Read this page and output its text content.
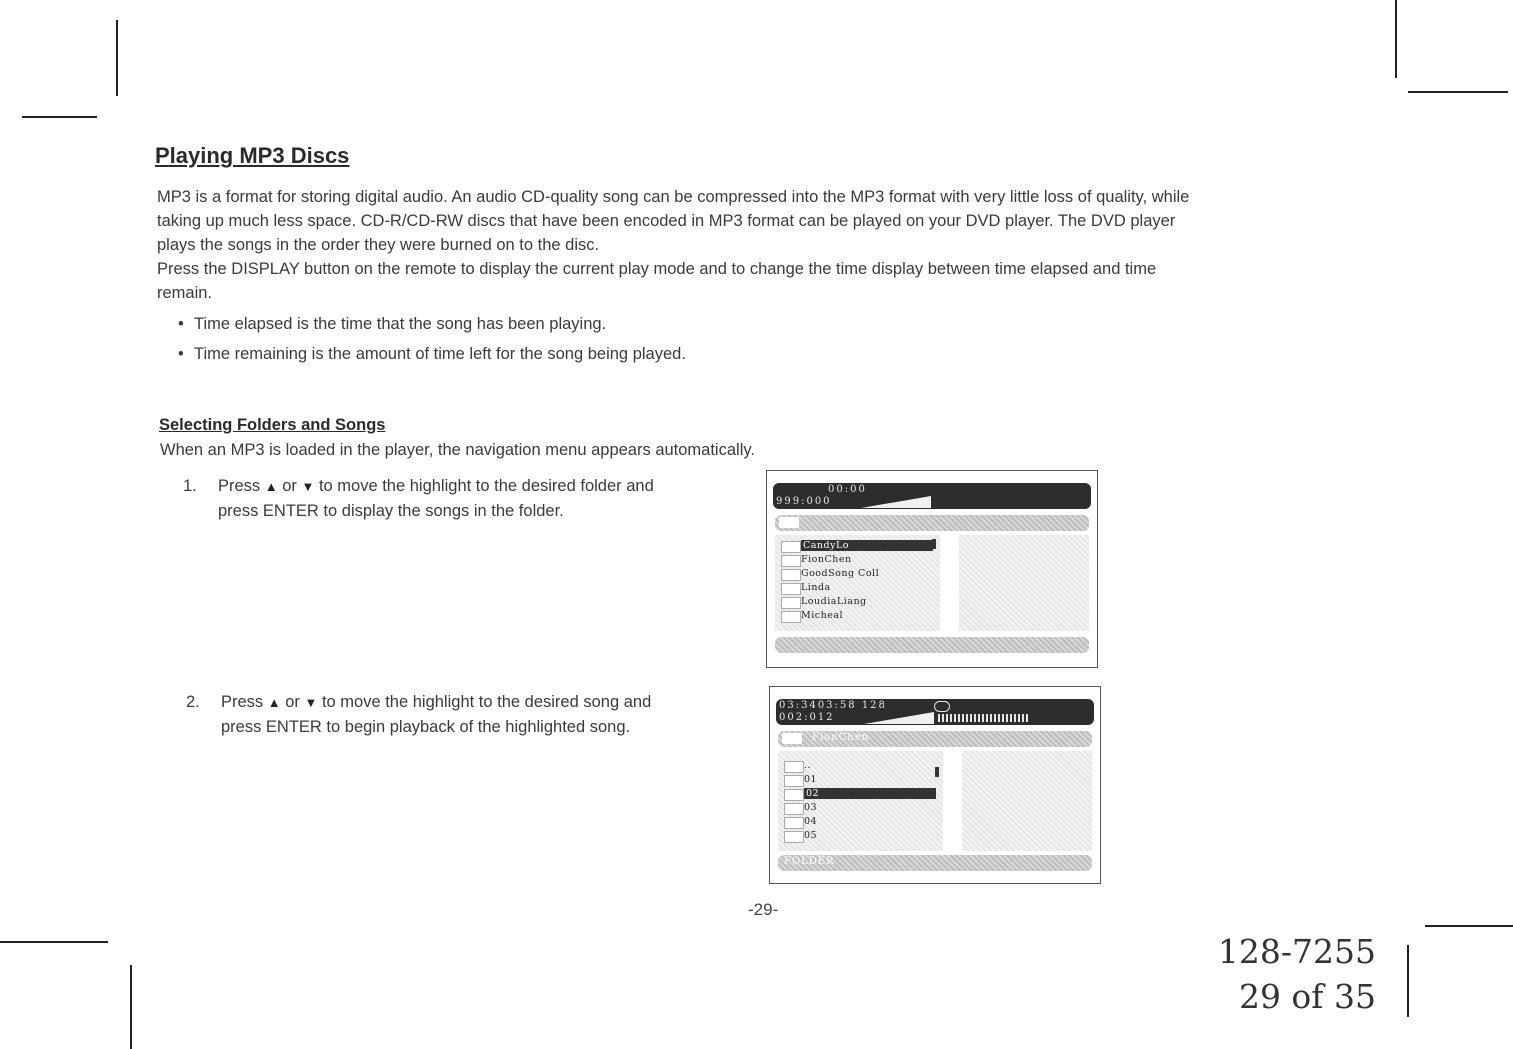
Playing MP3 Discs
MP3 is a format for storing digital audio. An audio CD-quality song can be compressed into the MP3 format with very little loss of quality, while
taking up much less space. CD-R/CD-RW discs that have been encoded in MP3 format can be played on your DVD player. The DVD player
plays the songs in the order they were burned on to the disc.
Press the DISPLAY button on the remote to display the current play mode and to change the time display between time elapsed and time
remain.
• Time elapsed is the time that the song has been playing.
• Time remaining is the amount of time left for the song being played.
Selecting Folders and Songs
When an MP3 is loaded in the player, the navigation menu appears automatically.
1. Press ▲ or ▼ to move the highlight to the desired folder and
press ENTER to display the songs in the folder.
2. Press ▲ or ▼ to move the highlight to the desired song and
press ENTER to begin playback of the highlighted song.
00:00
999:000
CandyLo
FionChen
GoodSong Coll
Linda
LoudiaLiang
Micheal
03:3403:58 128
002:012
FionChen
..
01
02
03
04
05
FOLDER
-29-
128-7255
29 of 35
